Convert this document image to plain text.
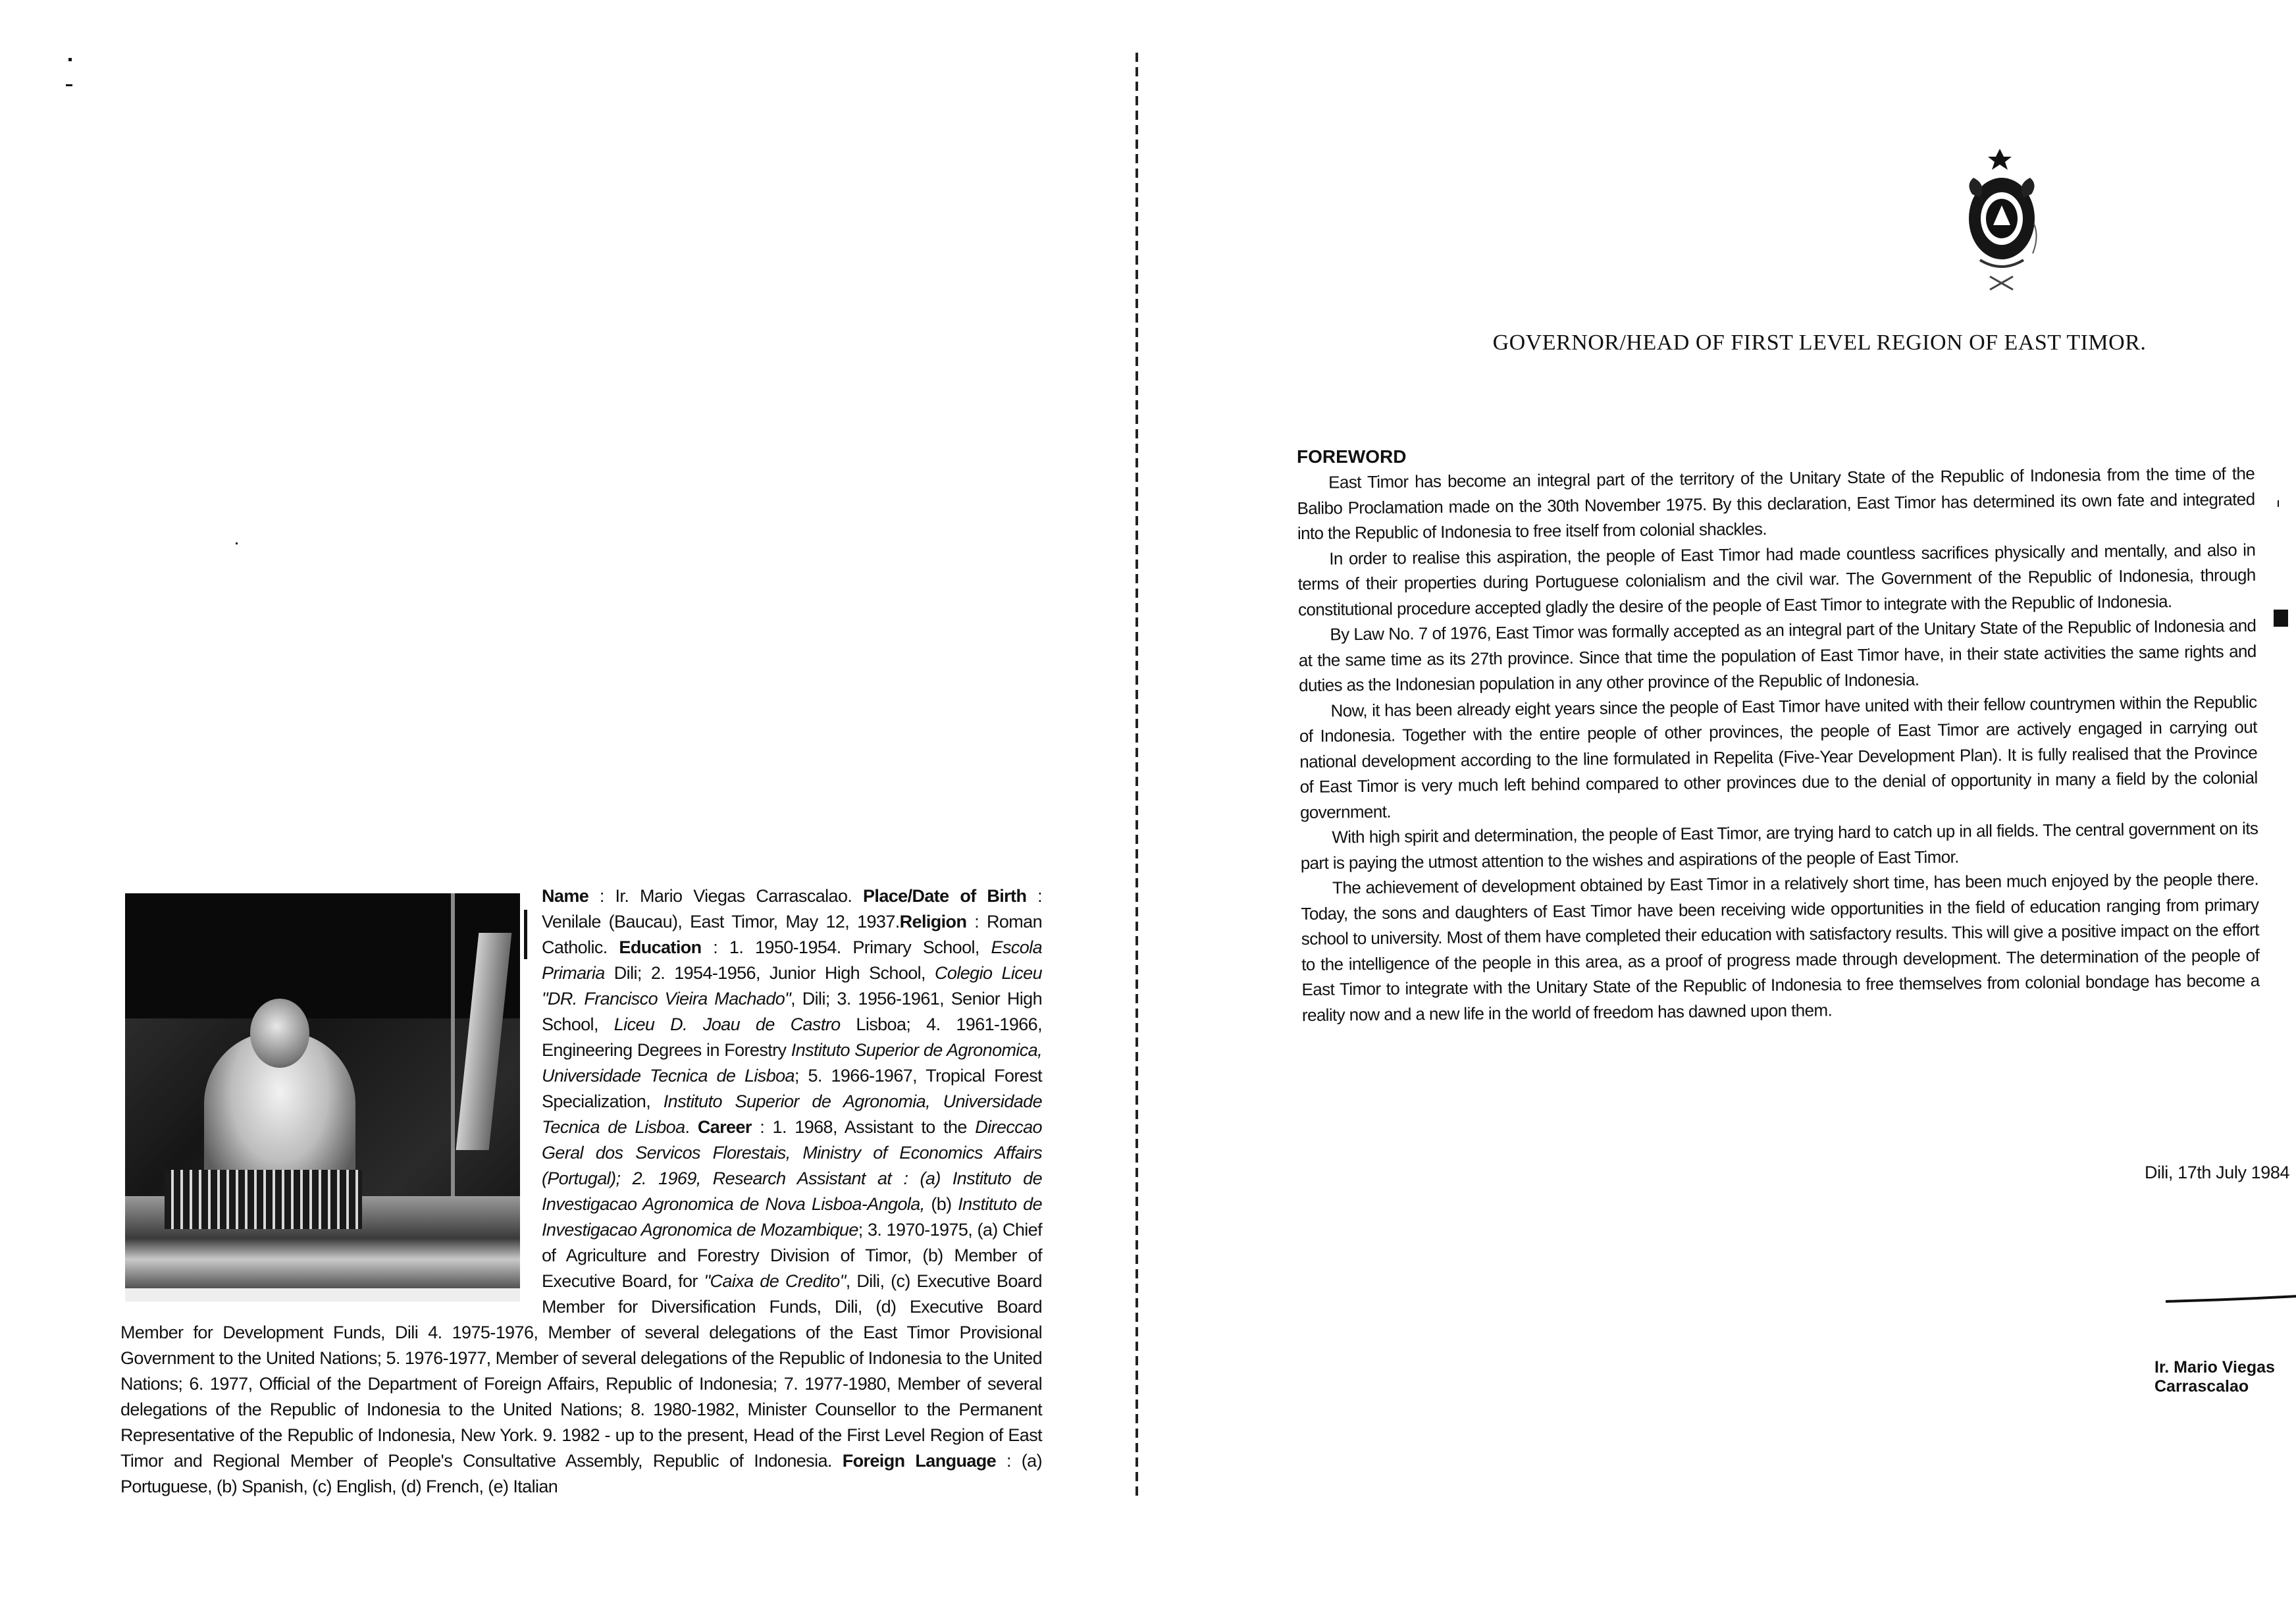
Name : Ir. Mario Viegas Carrascalao. Place/Date of Birth : Venilale (Baucau), East Timor, May 12, 1937.Religion : Roman Catholic. Education : 1. 1950-1954. Primary School, Escola Primaria Dili; 2. 1954-1956, Junior High School, Colegio Liceu "DR. Francisco Vieira Machado", Dili; 3. 1956-1961, Senior High School, Liceu D. Joau de Castro Lisboa; 4. 1961-1966, Engineering Degrees in Forestry Instituto Superior de Agronomica, Universidade Tecnica de Lisboa; 5. 1966-1967, Tropical Forest Specialization, Instituto Superior de Agronomia, Universidade Tecnica de Lisboa. Career : 1. 1968, Assistant to the Direccao Geral dos Servicos Florestais, Ministry of Economics Affairs (Portugal); 2. 1969, Research Assistant at : (a) Instituto de Investigacao Agronomica de Nova Lisboa-Angola, (b) Instituto de Investigacao Agronomica de Mozambique; 3. 1970-1975, (a) Chief of Agriculture and Forestry Division of Timor, (b) Member of Executive Board, for "Caixa de Credito", Dili, (c) Executive Board Member for Diversification Funds, Dili, (d) Executive Board Member for Development Funds, Dili 4. 1975-1976, Member of several delegations of the East Timor Provisional Government to the United Nations; 5. 1976-1977, Member of several delegations of the Republic of Indonesia to the United Nations; 6. 1977, Official of the Department of Foreign Affairs, Republic of Indonesia; 7. 1977-1980, Member of several delegations of the Republic of Indonesia to the United Nations; 8. 1980-1982, Minister Counsellor to the Permanent Representative of the Republic of Indonesia, New York. 9. 1982 - up to the present, Head of the First Level Region of East Timor and Regional Member of People's Consultative Assembly, Republic of Indonesia. Foreign Language : (a) Portuguese, (b) Spanish, (c) English, (d) French, (e) Italian
GOVERNOR/HEAD OF FIRST LEVEL REGION OF EAST TIMOR.
FOREWORD

East Timor has become an integral part of the territory of the Unitary State of the Republic of Indonesia from the time of the Balibo Proclamation made on the 30th November 1975. By this declaration, East Timor has determined its own fate and integrated into the Republic of Indonesia to free itself from colonial shackles.

In order to realise this aspiration, the people of East Timor had made countless sacrifices physically and mentally, and also in terms of their properties during Portuguese colonialism and the civil war. The Government of the Republic of Indonesia, through constitutional procedure accepted gladly the desire of the people of East Timor to integrate with the Republic of Indonesia.

By Law No. 7 of 1976, East Timor was formally accepted as an integral part of the Unitary State of the Republic of Indonesia and at the same time as its 27th province. Since that time the population of East Timor have, in their state activities the same rights and duties as the Indonesian population in any other province of the Republic of Indonesia.

Now, it has been already eight years since the people of East Timor have united with their fellow countrymen within the Republic of Indonesia. Together with the entire people of other provinces, the people of East Timor are actively engaged in carrying out national development according to the line formulated in Repelita (Five-Year Development Plan). It is fully realised that the Province of East Timor is very much left behind compared to other provinces due to the denial of opportunity in many a field by the colonial government.

With high spirit and determination, the people of East Timor, are trying hard to catch up in all fields. The central government on its part is paying the utmost attention to the wishes and aspirations of the people of East Timor.

The achievement of development obtained by East Timor in a relatively short time, has been much enjoyed by the people there. Today, the sons and daughters of East Timor have been receiving wide opportunities in the field of education ranging from primary school to university. Most of them have completed their education with satisfactory results. This will give a positive impact on the effort to the intelligence of the people in this area, as a proof of progress made through development. The determination of the people of East Timor to integrate with the Unitary State of the Republic of Indonesia to free themselves from colonial bondage has become a reality now and a new life in the world of freedom has dawned upon them.

Dili, 17th July 1984
Ir. Mario Viegas Carrascalao
